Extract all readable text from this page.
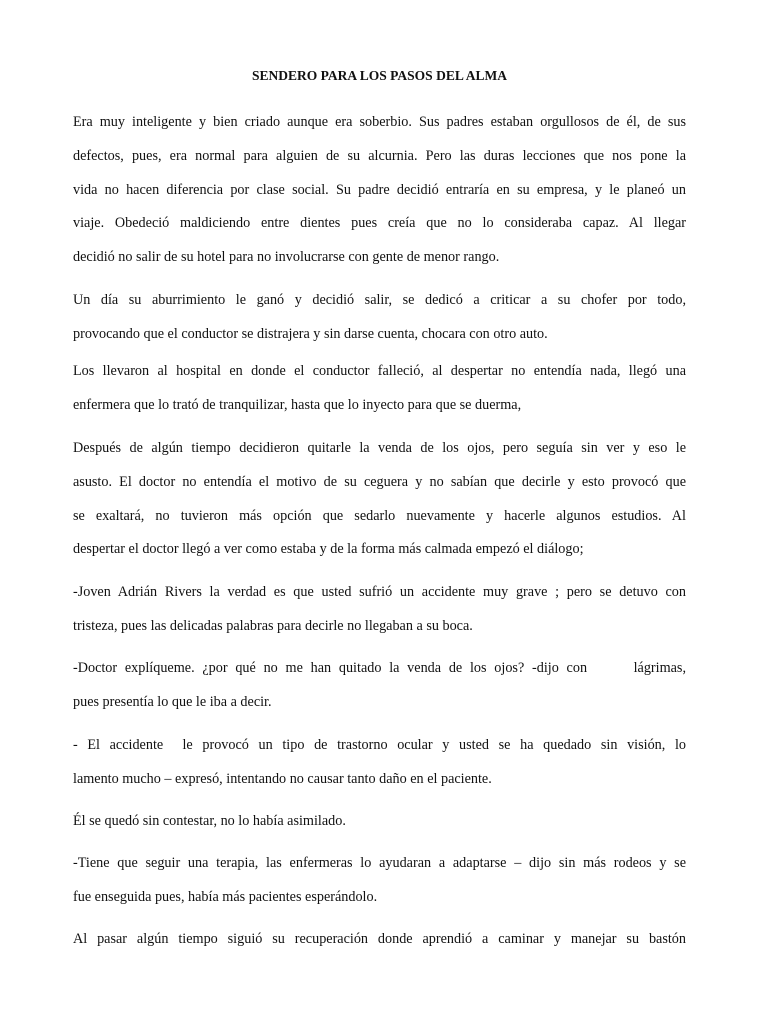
SENDERO PARA LOS PASOS DEL ALMA

Era muy inteligente y bien criado aunque era soberbio. Sus padres estaban orgullosos de él, de sus
defectos, pues, era normal para alguien de su alcurnia. Pero las duras lecciones que nos pone la
vida no hacen diferencia por clase social. Su padre decidió entraría en su empresa, y le planeó un
viaje. Obedeció maldiciendo entre dientes pues creía que no lo consideraba capaz. Al llegar
decidió no salir de su hotel para no involucrarse con gente de menor rango.

Un día su aburrimiento le ganó y decidió salir, se dedicó a criticar a su chofer por todo,
provocando que el conductor se distrajera y sin darse cuenta, chocara con otro auto.

Los llevaron al hospital en donde el conductor falleció, al despertar no entendía nada, llegó una
enfermera que lo trató de tranquilizar, hasta que lo inyecto para que se duerma,

Después de algún tiempo decidieron quitarle la venda de los ojos, pero seguía sin ver y eso le
asusto. El doctor no entendía el motivo de su ceguera y no sabían que decirle y esto provocó que
se exaltará, no tuvieron más opción que sedarlo nuevamente y hacerle algunos estudios. Al
despertar el doctor llegó a ver como estaba y de la forma más calmada empezó el diálogo;

-Joven Adrián Rivers la verdad es que usted sufrió un accidente muy grave ; pero se detuvo con
tristeza, pues las delicadas palabras para decirle no llegaban a su boca.

-Doctor explíqueme. ¿por qué no me han quitado la venda de los ojos? -dijo con      lágrimas,
pues presentía lo que le iba a decir.

- El accidente  le provocó un tipo de trastorno ocular y usted se ha quedado sin visión, lo
lamento mucho – expresó, intentando no causar tanto daño en el paciente.

Él se quedó sin contestar, no lo había asimilado.

-Tiene que seguir una terapia, las enfermeras lo ayudaran a adaptarse – dijo sin más rodeos y se
fue enseguida pues, había más pacientes esperándolo.

Al pasar algún tiempo siguió su recuperación donde aprendió a caminar y manejar su bastón
